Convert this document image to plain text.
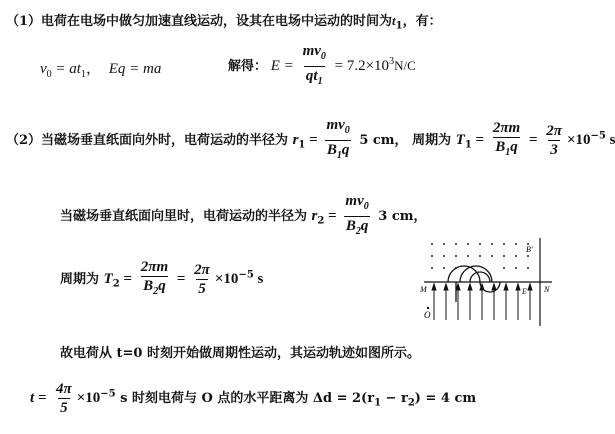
（1）电荷在电场中做匀加速直线运动，设其在电场中运动的时间为$t_1$，有：
$v_0 = at_1$， Eq = ma	解得： $E = \frac{mv_0}{qt_1} = 7.2\times 10^3N/C$
（2）当磁场垂直纸面向外时，电荷运动的半径为 $r_1 = \frac{mv_0}{B_1q} 5$ cm， 周期为 $T_1 = \frac{2\pi m}{B_1q} = \frac{2\pi}{3} \times 10^{-5}$ s
当磁场垂直纸面向里时，电荷运动的半径为 $r_2 = \frac{mv_0}{B_2q} 3$ cm，
周期为 $T_2 = \frac{2\pi m}{B_2q} = \frac{2\pi}{5} \times 10^{-5}$ s
B'
M	N
E
O
故电荷从 t=0 时刻开始做周期性运动，其运动轨迹如图所示。
$t = \frac{4\pi}{5} \times 10^{-5}$ s 时刻电荷与 O 点的水平距离为 $\Delta d = 2(r_1 - r_2) = 4$ cm
